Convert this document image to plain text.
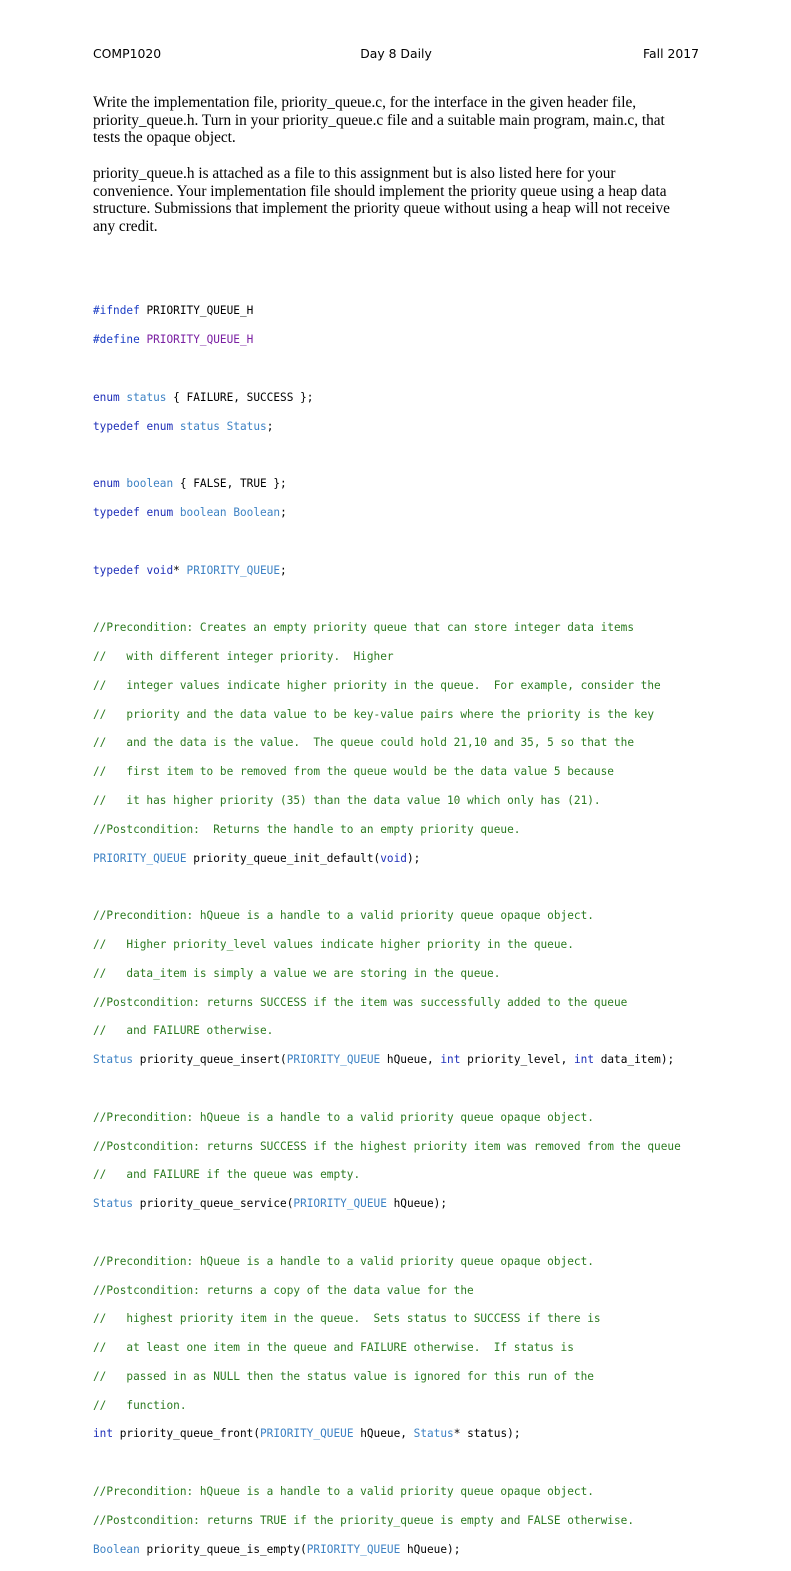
COMP1020	Day 8 Daily	Fall 2017
Write the implementation file, priority_queue.c, for the interface in the given header file,
priority_queue.h. Turn in your priority_queue.c file and a suitable main program, main.c, that
tests the opaque object.
priority_queue.h is attached as a file to this assignment but is also listed here for your
convenience. Your implementation file should implement the priority queue using a heap data
structure. Submissions that implement the priority queue without using a heap will not receive
any credit.

#ifndef PRIORITY_QUEUE_H

#define PRIORITY_QUEUE_H

enum status { FAILURE, SUCCESS };

typedef enum status Status;

enum boolean { FALSE, TRUE };

typedef enum boolean Boolean;

typedef void* PRIORITY_QUEUE;

//Precondition: Creates an empty priority queue that can store integer data items

//   with different integer priority.  Higher

//   integer values indicate higher priority in the queue.  For example, consider the

//   priority and the data value to be key-value pairs where the priority is the key

//   and the data is the value.  The queue could hold 21,10 and 35, 5 so that the

//   first item to be removed from the queue would be the data value 5 because

//   it has higher priority (35) than the data value 10 which only has (21).

//Postcondition:  Returns the handle to an empty priority queue.

PRIORITY_QUEUE priority_queue_init_default(void);

//Precondition: hQueue is a handle to a valid priority queue opaque object.

//   Higher priority_level values indicate higher priority in the queue.

//   data_item is simply a value we are storing in the queue.

//Postcondition: returns SUCCESS if the item was successfully added to the queue

//   and FAILURE otherwise.

Status priority_queue_insert(PRIORITY_QUEUE hQueue, int priority_level, int data_item);

//Precondition: hQueue is a handle to a valid priority queue opaque object.

//Postcondition: returns SUCCESS if the highest priority item was removed from the queue

//   and FAILURE if the queue was empty.

Status priority_queue_service(PRIORITY_QUEUE hQueue);

//Precondition: hQueue is a handle to a valid priority queue opaque object.

//Postcondition: returns a copy of the data value for the

//   highest priority item in the queue.  Sets status to SUCCESS if there is

//   at least one item in the queue and FAILURE otherwise.  If status is

//   passed in as NULL then the status value is ignored for this run of the

//   function.

int priority_queue_front(PRIORITY_QUEUE hQueue, Status* status);

//Precondition: hQueue is a handle to a valid priority queue opaque object.

//Postcondition: returns TRUE if the priority_queue is empty and FALSE otherwise.

Boolean priority_queue_is_empty(PRIORITY_QUEUE hQueue);
